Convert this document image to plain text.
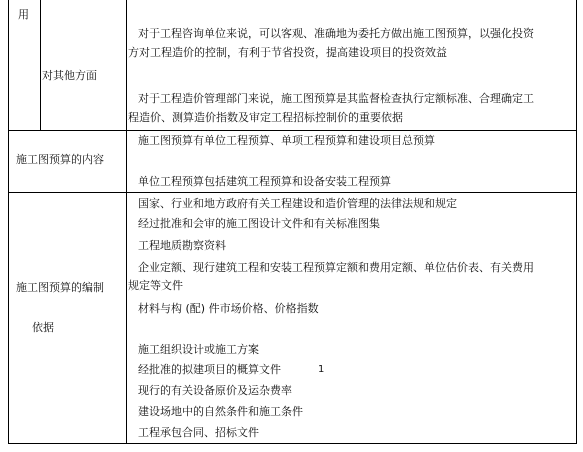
用
对其他方面
对于工程咨询单位来说，可以客观、准确地为委托方做出施工图预算，以强化投资
方对工程造价的控制，有利于节省投资，提高建设项目的投资效益
对于工程造价管理部门来说，施工图预算是其监督检查执行定额标准、合理确定工
程造价、测算造价指数及审定工程招标控制价的重要依据
施工图预算的内容
施工图预算有单位工程预算、单项工程预算和建设项目总预算
单位工程预算包括建筑工程预算和设备安装工程预算
施工图预算的编制
依据
国家、行业和地方政府有关工程建设和造价管理的法律法规和规定
经过批准和会审的施工图设计文件和有关标准图集
工程地质勘察资料
企业定额、现行建筑工程和安装工程预算定额和费用定额、单位估价表、有关费用
规定等文件
材料与构 (配) 件市场价格、价格指数
施工组织设计或施工方案
经批准的拟建项目的概算文件	1
现行的有关设备原价及运杂费率
建设场地中的自然条件和施工条件
工程承包合同、招标文件
